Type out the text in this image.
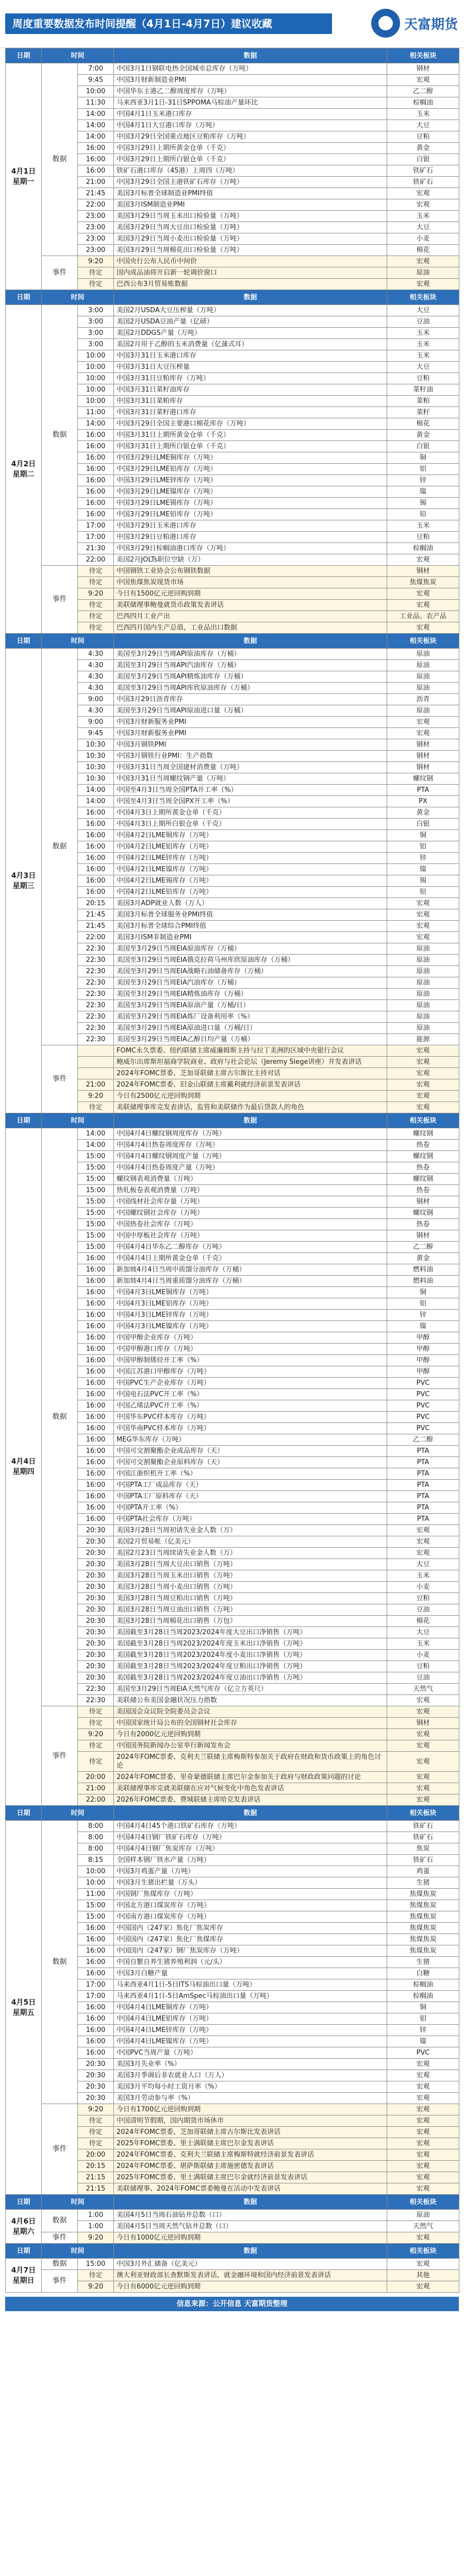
周度重要数据发布时间提醒（4月1日-4月7日）建议收藏	天富期货
日期	时间		数据	相关板块

4月1日
星期一	数据	7:00	中国3月1日钢联电热全国城市总库存（万吨）	钢材
		9:45	中国3月财新制造业PMI	宏观
		10:00	中国华东主港乙二醇周度库存（万吨）	乙二醇
		11:30	马来西亚3月1日-31日SPPOMA马棕油产量环比	棕榈油
		14:00	中国4月1日玉米港口库存	玉米
		14:00	中国4月1日大豆港口库存（万吨）	大豆
		14:00	中国3月29日全国重点地区豆粕库存（万吨）	豆粕
		16:00	中国3月29日上期所黄金仓单（千克）	黄金
		16:00	中国3月29日上期所白银仓单（千克）	白银
		16:00	铁矿石港口库存（45港）上周四（万吨）	铁矿石
		21:00	中国3月29日全国主港铁矿石库存（万吨）	铁矿石
		21:45	美国3月标普全球制造业PMI终值	宏观
		22:00	美国3月ISM制造业PMI	宏观
		23:00	美国3月29日当周玉米出口检验量（万吨）	玉米
		23:00	美国3月29日当周大豆出口检验量（万吨）	大豆
		23:00	美国3月29日当周小麦出口检验量（万吨）	小麦
		23:00	美国3月29日当周棉花出口检验量（万吨）	棉花
	事件	9:20	中国央行公布人民币中间价	宏观
		待定	国内成品油将开启新一轮调价窗口	原油
		待定	巴西公布3月贸易账数据	宏观
日期	时间		数据	相关板块

4月2日
星期二	数据	3:00	美国2月USDA大豆压榨量（万吨）	大豆
		3:00	美国2月USDA豆油产量（亿磅）	豆油
		3:00	美国2月DDGS产量（万吨）	玉米
		3:00	美国2月用于乙醇的玉米消费量（亿蒲式耳）	玉米
		10:00	中国3月31日玉米港口库存	玉米
		10:00	中国3月31日大豆压榨量	大豆
		10:00	中国3月31日豆粕库存（万吨）	豆粕
		10:00	中国3月31日菜籽油库存	菜籽油
		10:00	中国3月31日菜粕库存	菜粕
		11:00	中国3月31日菜籽港口库存	菜籽
		14:00	中国3月29日全国主要港口棉花库存（万吨）	棉花
		16:00	中国3月31日上期所黄金仓单（千克）	黄金
		16:00	中国3月31日上期所白银仓单（千克）	白银
		16:00	中国3月29日LME铜库存（万吨）	铜
		16:00	中国3月29日LME铝库存（万吨）	铝
		16:00	中国3月29日LME锌库存（万吨）	锌
		16:00	中国3月29日LME镍库存（万吨）	镍
		16:00	中国3月29日LME锡库存（万吨）	锡
		16:00	中国3月29日LME铅库存（万吨）	铅
		17:00	中国3月29日玉米港口库存	玉米
		17:00	中国3月29日豆粕港口库存	豆粕
		21:30	中国3月29日棕榈油港口库存（万吨）	棕榈油
		22:00	美国2月JOLTs职位空缺（万）	宏观
	事件	待定	中国钢铁工业协会公布钢铁数据	钢材
		待定	中国焦煤焦炭现货市场	焦煤焦炭
		9:20	今日有1500亿元逆回购到期	宏观
		待定	美联储理事鲍曼就货币政策发表讲话	宏观
		待定	巴西四月工业产出	工业品、农产品
		待定	巴西四月国内生产总值，工业品出口数据	宏观
日期	时间		数据	相关板块

4月3日
星期三	数据	4:30	美国至3月29日当周API原油库存（万桶）	原油
		4:30	美国至3月29日当周API汽油库存（万桶）	原油
		4:30	美国至3月29日当周API精炼油库存（万桶）	原油
		4:30	美国至3月29日当周API库欣原油库存（万桶）	原油
		9:00	中国3月29日沥青库存	沥青
		4:30	美国至3月29日当周API原油进口量（万桶）	原油
		9:00	中国3月财新服务业PMI	宏观
		9:45	中国3月财新服务业PMI	宏观
		10:30	中国3月钢铁PMI	钢材
		10:30	中国3月钢铁行业PMI：生产指数	钢材
		10:30	中国3月31日当周全国建材消费量（万吨）	钢材
		10:30	中国3月31日当周螺纹钢产量（万吨）	螺纹钢
		14:00	中国至4月3日当周全国PTA开工率（%）	PTA
		14:00	中国至4月3日当周全国PX开工率（%）	PX
		16:00	中国4月3日上期所黄金仓单（千克）	黄金
		16:00	中国4月3日上期所白银仓单（千克）	白银
		16:00	中国4月2日LME铜库存（万吨）	铜
		16:00	中国4月2日LME铝库存（万吨）	铝
		16:00	中国4月2日LME锌库存（万吨）	锌
		16:00	中国4月2日LME镍库存（万吨）	镍
		16:00	中国4月2日LME锡库存（万吨）	锡
		16:00	中国4月2日LME铅库存（万吨）	铅
		20:15	美国3月ADP就业人数（万人）	宏观
		21:45	美国3月标普全球服务业PMI终值	宏观
		21:45	美国3月标普全球综合PMI终值	宏观
		22:00	美国3月ISM非制造业PMI	宏观
		22:30	美国至3月29日当周EIA原油库存（万桶）	原油
		22:30	美国至3月29日当周EIA俄克拉荷马州库欣原油库存（万桶）	原油
		22:30	美国至3月29日当周EIA战略石油储备库存（万桶）	原油
		22:30	美国至3月29日当周EIA汽油库存（万桶）	原油
		22:30	美国至3月29日当周EIA精炼油库存（万桶）	原油
		22:30	美国至3月29日当周EIA原油产量（万桶/日）	原油
		22:30	美国至3月29日当周EIA炼厂设备利用率（%）	原油
		22:30	美国至3月29日当周EIA原油进口量（万桶/日）	原油
		22:30	美国至3月29日当周EIA乙醇日均产量（万桶）	能源
	事件		FOMC永久票委、纽约联储主席威廉姆斯主持与拉丁美洲的区域中央银行会议	宏观
			鲍威尔出席斯坦福商学院商业、政府与社会论坛（Jeremy Siege讲座）并发表讲话	宏观
			2024年FOMC票委、芝加哥联储主席古尔斯比主持对话	宏观
		21:00	2024年FOMC票委、旧金山联储主席戴利就经济前景发表讲话	宏观
		9:20	今日有2500亿元逆回购到期	宏观
		待定	美联储理事库克发表讲话，监管和美联储作为最后贷款人的角色	宏观
日期	时间		数据	相关板块

4月4日
星期四	数据	14:00	中国4月4日螺纹钢周度库存（万吨）	螺纹钢
		14:00	中国4月4日热卷周度库存（万吨）	热卷
		15:00	中国4月4日螺纹钢周度产量（万吨）	螺纹钢
		15:00	中国4月4日热卷周度产量（万吨）	热卷
		15:00	螺纹钢表观消费量（万吨）	螺纹钢
		15:00	热轧板卷表观消费量（万吨）	热卷
		15:00	中国线材社会库存量（万吨）	钢材
		15:00	中国螺纹钢社会库存（万吨）	螺纹钢
		15:00	中国热卷社会库存（万吨）	热卷
		15:00	中国中厚板社会库存（万吨）	钢材
		15:00	中国4月4日华东乙二醇库存（万吨）	乙二醇
		16:00	中国4月4日上期所黄金仓单（千克）	黄金
		16:00	新加坡4月4日当周中质馏分油库存（万桶）	燃料油
		16:00	新加坡4月4日当周重质馏分油库存（万桶）	燃料油
		16:00	中国4月3日LME铜库存（万吨）	铜
		16:00	中国4月3日LME铝库存（万吨）	铝
		16:00	中国4月3日LME锌库存（万吨）	锌
		16:00	中国4月3日LME镍库存（万吨）	镍
		16:00	中国甲醇企业库存（万吨）	甲醇
		16:00	中国甲醇港口库存（万吨）	甲醇
		16:00	中国甲醇制烯烃开工率（%）	甲醇
		16:00	中国江苏港口甲醇库存（万吨）	甲醇
		16:00	中国PVC生产企业库存（万吨）	PVC
		16:00	中国电石法PVC开工率（%）	PVC
		16:00	中国乙烯法PVC开工率（%）	PVC
		16:00	中国华东PVC样本库存（万吨）	PVC
		16:00	中国华南PVC样本库存（万吨）	PVC
		16:00	MEG华东库存（万吨）	乙二醇
		16:00	中国可交割聚酯企业成品库存（天）	PTA
		16:00	中国可交割聚酯企业原料库存（天）	PTA
		16:00	中国江浙织机开工率（%）	PTA
		16:00	中国PTA工厂成品库存（天）	PTA
		16:00	中国PTA工厂原料库存（天）	PTA
		16:00	中国PTA开工率（%）	PTA
		16:00	中国PTA社会库存（万吨）	PTA
		20:30	美国3月28日当周初请失业金人数（万）	宏观
		20:30	美国2月贸易帐（亿美元）	宏观
		20:30	美国2月23日当周续请失业金人数（万）	宏观
		20:30	美国3月28日当周大豆出口销售（万吨）	大豆
		20:30	美国3月28日当周玉米出口销售（万吨）	玉米
		20:30	美国3月28日当周小麦出口销售（万吨）	小麦
		20:30	美国3月28日当周豆粕出口销售（万吨）	豆粕
		20:30	美国3月28日当周豆油出口销售（万吨）	豆油
		20:30	美国3月28日当周棉花出口销售（万包）	棉花
		20:30	美国截至3月28日当周2023/2024年度大豆出口净销售（万吨）	大豆
		20:30	美国截至3月28日当周2023/2024年度玉米出口净销售（万吨）	玉米
		20:30	美国截至3月28日当周2023/2024年度小麦出口净销售（万吨）	小麦
		20:30	美国截至3月28日当周2023/2024年度豆粕出口净销售（万吨）	豆粕
		20:30	美国截至3月28日当周2023/2024年度豆油出口净销售（万吨）	豆油
		22:30	美国至3月29日当周EIA天然气库存（亿立方英尺）	天然气
		22:30	美联储公布美国金融状况压力指数	宏观
	事件	待定	美国国会众议院全院委员会会议	宏观
		待定	中国国家统计局公布的全国钢材社会库存	钢材
		9:20	今日有2000亿元逆回购到期	宏观
		待定	中国国务院新闻办公室举行新闻发布会	宏观
		待定	2024年FOMC票委、克利夫兰联储主席梅斯特参加关于政府在财政和货币政策上的角色讨论	宏观
		20:00	2024年FOMC票委、里奇蒙德联储主席巴尔金参加关于政府与财政政策问题的讨论	宏观
		21:00	美联储理事库克就美联储在应对气候变化中角色发表讲话	宏观
		22:00	2026年FOMC票委、费城联储主席哈克发表讲话	宏观
日期	时间		数据	相关板块

4月5日
星期五	数据	8:00	中国4月4日45个港口铁矿石库存（万吨）	铁矿石
		8:00	中国4月4日钢厂铁矿石库存（万吨）	铁矿石
		8:00	中国4月4日钢厂焦炭库存（万吨）	焦炭
		8:15	全国样本钢厂铁水产量（万吨）	铁矿石
		10:00	中国3月鸡蛋产量（万吨）	鸡蛋
		10:00	中国3月生猪出栏量（万头）	生猪
		11:00	中国钢厂焦煤库存（万吨）	焦煤焦炭
		15:00	中国北方港口煤炭库存（万吨）	焦煤焦炭
		15:00	中国南方港口煤炭库存（万吨）	焦煤焦炭
		16:00	中国国内（247家）焦化厂焦炭库存	焦煤焦炭
		16:00	中国国内（247家）焦化厂焦煤库存	焦煤焦炭
		16:00	中国国内（247家）钢厂焦炭库存（万吨）	焦煤焦炭
		16:00	中国自繁自养生猪养殖利润（元/头）	生猪
		16:00	中国3月白糖产量	白糖
		17:00	马来西亚4月1日-5日ITS马棕油出口量（万吨）	棕榈油
		17:00	马来西亚4月1日-5日AmSpec马棕油出口量（万吨）	棕榈油
		16:00	中国4月4日LME铜库存（万吨）	铜
		16:00	中国4月4日LME铝库存（万吨）	铝
		16:00	中国4月4日LME锌库存（万吨）	锌
		16:00	中国4月4日LME镍库存（万吨）	镍
		16:00	中国PVC当周产量（万吨）	PVC
		20:30	美国3月失业率（%）	宏观
		20:30	美国3月季调后非农就业人口（万人）	宏观
		20:30	美国3月平均每小时工资月率（%）	宏观
		20:30	美国3月劳动参与率（%）	宏观
	事件	9:20	今日有1700亿元逆回购到期	宏观
		待定	中国清明节假期，国内期货市场休市	宏观
		待定	2024年FOMC票委、芝加哥联储主席古尔斯比发表讲话	宏观
		待定	2025年FOMC票委、里士满联储主席巴尔金发表讲话	宏观
		20:00	2024年FOMC票委、克利夫兰联储主席梅斯特就经济前景发表讲话	宏观
		20:15	2024年FOMC票委、堪萨斯联储主席施密德发表讲话	宏观
		21:15	2025年FOMC票委、里士满联储主席巴尔金就经济前景发表讲话	宏观
		21:15	美联储理事、2024年FOMC票委鲍曼在活动中发表讲话	宏观
日期	时间		数据	相关板块

4月6日
星期六	数据	1:00	美国4月5日当周石油钻井总数（口）	原油
		1:00	美国4月5日当周天然气钻井总数（口）	天然气
	事件	9:20	今日有1000亿元逆回购到期	宏观
日期	时间		数据	相关板块

4月7日
星期日	数据	15:00	中国3月外汇储备（亿美元）	宏观
	事件	待定	澳大利亚财政部长查默斯发表讲话，就金融环境和国内经济前景发表讲话	其他
		9:20	今日有6000亿元逆回购到期	宏观
信息来源：公开信息 天富期货整理
